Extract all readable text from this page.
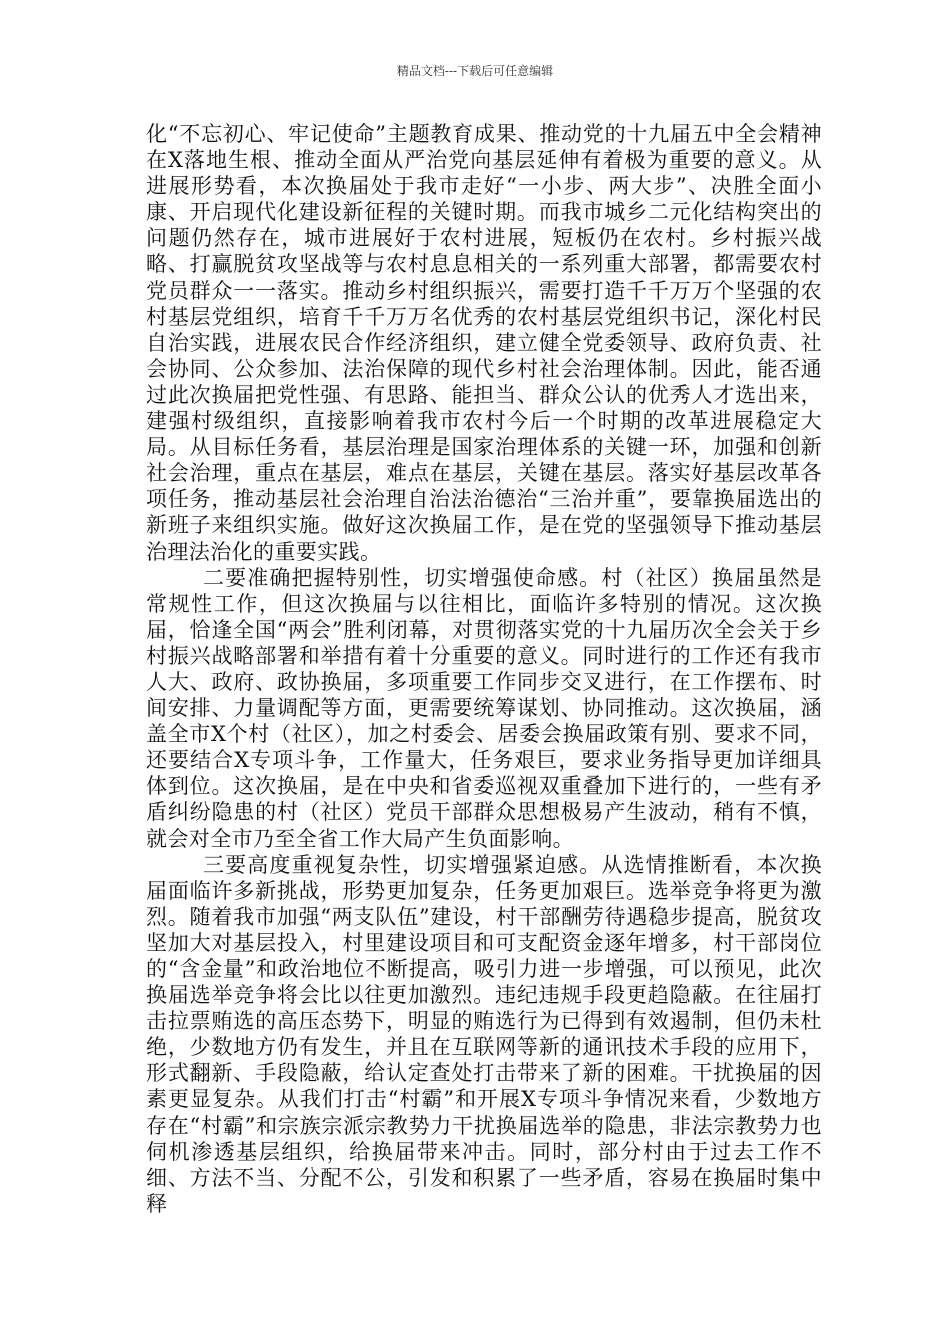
精品文档---下载后可任意编辑

化“不忘初心、牢记使命”主题教育成果、推动党的十九届五中全会精神在X落地生根、推动全面从严治党向基层延伸有着极为重要的意义。从进展形势看，本次换届处于我市走好“一小步、两大步”、决胜全面小康、开启现代化建设新征程的关键时期。而我市城乡二元化结构突出的问题仍然存在，城市进展好于农村进展，短板仍在农村。乡村振兴战略、打赢脱贫攻坚战等与农村息息相关的一系列重大部署，都需要农村党员群众一一落实。推动乡村组织振兴，需要打造千千万万个坚强的农村基层党组织，培育千千万万名优秀的农村基层党组织书记，深化村民自治实践，进展农民合作经济组织，建立健全党委领导、政府负责、社会协同、公众参加、法治保障的现代乡村社会治理体制。因此，能否通过此次换届把党性强、有思路、能担当、群众公认的优秀人才选出来，建强村级组织，直接影响着我市农村今后一个时期的改革进展稳定大局。从目标任务看，基层治理是国家治理体系的关键一环，加强和创新社会治理，重点在基层，难点在基层，关键在基层。落实好基层改革各项任务，推动基层社会治理自治法治德治“三治并重”，要靠换届选出的新班子来组织实施。做好这次换届工作，是在党的坚强领导下推动基层治理法治化的重要实践。

二要准确把握特别性，切实增强使命感。村（社区）换届虽然是常规性工作，但这次换届与以往相比，面临许多特别的情况。这次换届，恰逢全国“两会”胜利闭幕，对贯彻落实党的十九届历次全会关于乡村振兴战略部署和举措有着十分重要的意义。同时进行的工作还有我市人大、政府、政协换届，多项重要工作同步交叉进行，在工作摆布、时间安排、力量调配等方面，更需要统筹谋划、协同推动。这次换届，涵盖全市X个村（社区），加之村委会、居委会换届政策有别、要求不同，还要结合X专项斗争，工作量大，任务艰巨，要求业务指导更加详细具体到位。这次换届，是在中央和省委巡视双重叠加下进行的，一些有矛盾纠纷隐患的村（社区）党员干部群众思想极易产生波动，稍有不慎，就会对全市乃至全省工作大局产生负面影响。

三要高度重视复杂性，切实增强紧迫感。从选情推断看，本次换届面临许多新挑战，形势更加复杂，任务更加艰巨。选举竞争将更为激烈。随着我市加强“两支队伍”建设，村干部酬劳待遇稳步提高，脱贫攻坚加大对基层投入，村里建设项目和可支配资金逐年增多，村干部岗位的“含金量”和政治地位不断提高，吸引力进一步增强，可以预见，此次换届选举竞争将会比以往更加激烈。违纪违规手段更趋隐蔽。在往届打击拉票贿选的高压态势下，明显的贿选行为已得到有效遏制，但仍未杜绝，少数地方仍有发生，并且在互联网等新的通讯技术手段的应用下，形式翻新、手段隐蔽，给认定查处打击带来了新的困难。干扰换届的因素更显复杂。从我们打击“村霸”和开展X专项斗争情况来看，少数地方存在“村霸”和宗族宗派宗教势力干扰换届选举的隐患，非法宗教势力也伺机渗透基层组织，给换届带来冲击。同时，部分村由于过去工作不细、方法不当、分配不公，引发和积累了一些矛盾，容易在换届时集中释
